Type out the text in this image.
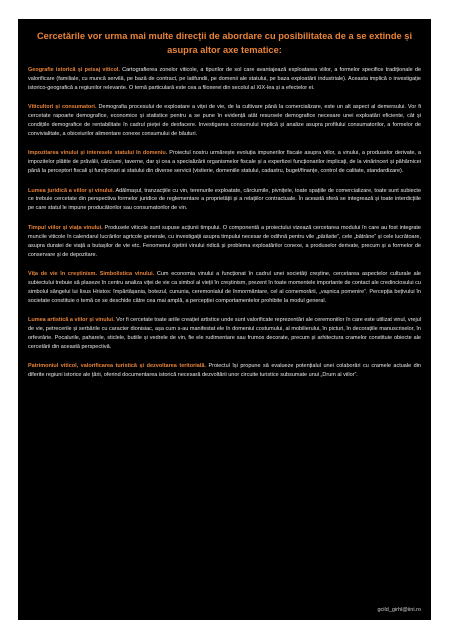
Cercetările vor urma mai multe direcții de abordare cu posibilitatea de a se extinde și asupra altor axe tematice:

Geografie istorică și peisaj viticol. Cartografierea zonelor viticole, a tipurilor de sol care avantajează exploatarea viilor, a formelor specifice tradiționale de valorificare (familiale, cu muncă servilă, pe bază de contract, pe latifundii, pe domenii ale statului, pe baza exploatării industriale). Aceasta implică o investigație istorico-geografică a regiunilor relevante. O temă particulară este cea a filoxerei din secolul al XIX-lea și a efectelor ei.

Viticultori și consumatori. Demografia procesului de exploatare a viței de vie, de la cultivare până la comercializare, este un alt aspect al demersului. Vor fi cercetate rapoarte demografice, economice și statistice pentru a se pune în evidență atât resursele demografice necesare unei exploatări eficiente, cât și condițiile demografice de rentabilitate în cadrul pieței de desfacere. Investigarea consumului implică și analize asupra profilului consumatorilor, a formelor de convivialitate, a obiceiurilor alimentare conexe consumului de băuturi.

Impozitarea vinului și interesele statului în domeniu. Proiectul nostru urmărește evoluția impunerilor fiscale asupra viilor, a vinului, a produselor derivate, a impozitelor plătite de prăvălii, cârciumi, taverne, dar și cea a specializării organismelor fiscale și a expertizei funcționarilor implicați, de la vinărinceri și păhărnicei până la perceptori fiscali și funcționari ai statului din diverse servicii (vistierie, domeniile statului, cadastru, buget/finanțe, control de calitate, standardizare).

Lumea juridică a viilor și vinului. Adălmașul, tranzacțiile cu vin, terenurile exploatate, cârciumile, pivnițele, toate spațiile de comercializare, toate sunt subiecte ce trebuie cercetate din perspectiva formelor juridice de reglementare a proprietății și a relațiilor contractuale. În această sferă se integrează și toate interdicțiile pe care statul le impune producătorilor sau consumatorilor de vin.

Timpul viilor și viața vinului. Produsele viticole sunt supuse acțiunii timpului. O componentă a proiectului vizează cercetarea modului în care au fost integrate muncile viticole în calendarul lucrărilor agricole generale, cu investigații asupra timpului necesar de odihnă pentru vile „părăsite”, cele „bătrâne” și cele lucrătoare, asupra duratei de viață a butașilor de vie etc. Fenomenul oțetirii vinului ridică și problema exploatărilor conexe, a produselor derivate, precum și a formelor de conservare și de depozitare.

Vița de vie în creștinism. Simbolistica vinului. Cum economia vinului a funcționat în cadrul unei societăți creștine, cercetarea aspectelor culturale ale subiectului trebuie să plaseze în centru analiza viței de vie ca simbol al vieții în creștinism, prezent în toate momentele importante de contact ale credinciosului cu simbolul sângelui lui Iisus Hristos: împărtășania, botezul, cununia, ceremonialul de înmormântare, cel al comemorării, „vașnica pomenire”. Percepția bețivului în societate constituie o temă ce se deschide către cea mai amplă, a percepției comportamentelor prohibite la modul general.

Lumea artistică a viilor și vinului. Vor fi cercetate toate ariile creației artistice unde sunt valorificate reprezentări ale ceremoniilor în care este utilizat vinul, vrejul de vie, petrecerile și serbările cu caracter dionisiac, așa cum s-au manifestat ele în domeniul costumului, al mobilierului, în picturi, în decorațiile manuscriselor, în orfevrărie. Pocalurile, paharele, sticlele, butiile și vedrele de vin, fie ele rudimentare sau frumos decorate, precum și arhitectura cramelor constituie obiecte ale cercetării din această perspectivă.

Patrimoniul viticol, valorificarea turistică și dezvoltarea teritorială. Proiectul își propune să evalueze potențialul unei colaborări cu cramele actuale din diferite regiuni istorice ale țării, oferind documentarea istorică necesară dezvoltării unor circuite turistice subsumate unui „Drum al viilor”.

gcild_girhl@iini.ro
